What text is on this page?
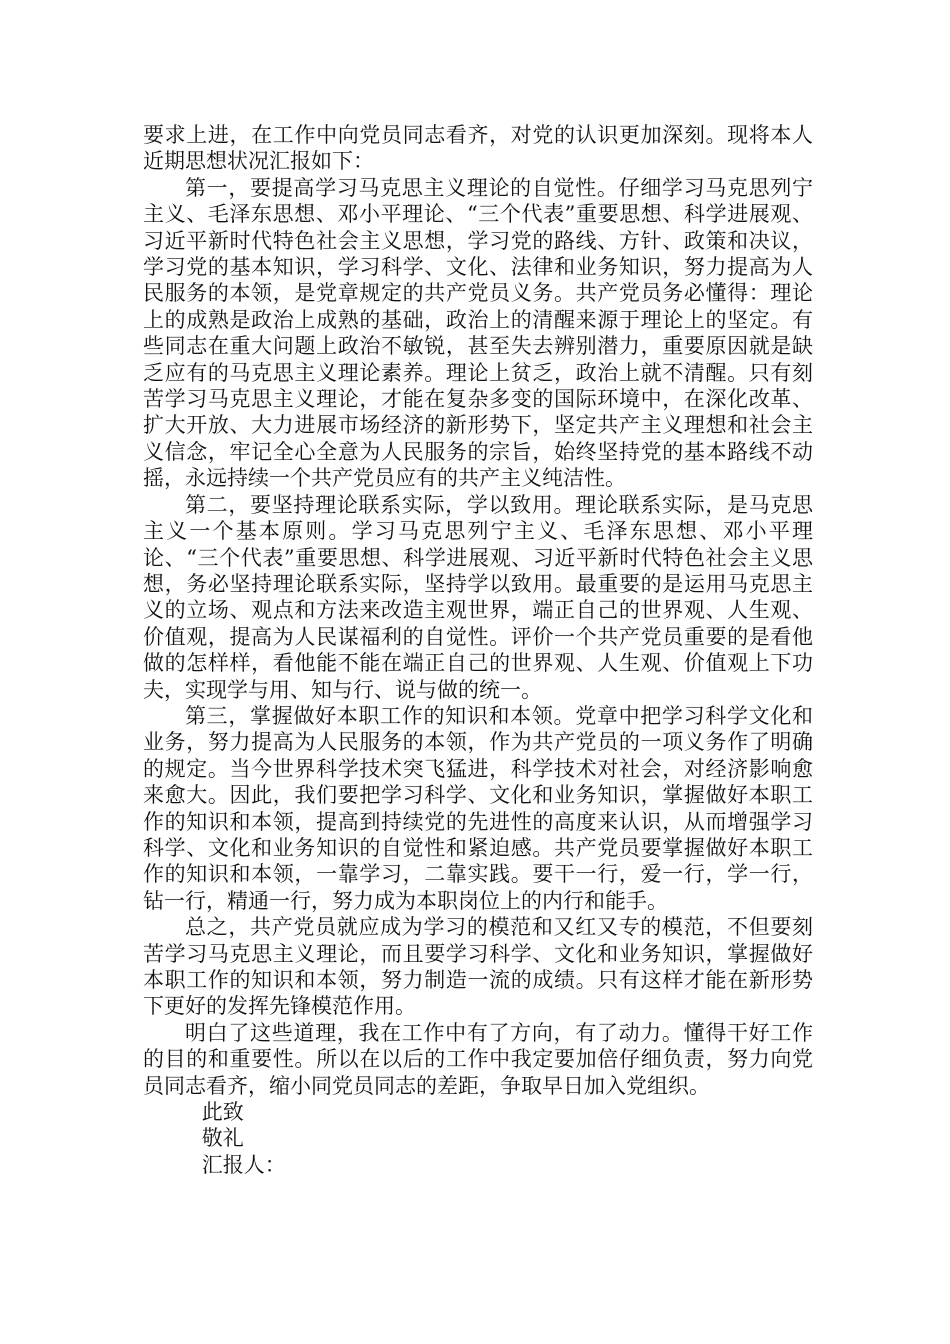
要求上进，在工作中向党员同志看齐，对党的认识更加深刻。现将本人近期思想状况汇报如下：

第一，要提高学习马克思主义理论的自觉性。仔细学习马克思列宁主义、毛泽东思想、邓小平理论、“三个代表”重要思想、科学进展观、习近平新时代特色社会主义思想，学习党的路线、方针、政策和决议，学习党的基本知识，学习科学、文化、法律和业务知识，努力提高为人民服务的本领，是党章规定的共产党员义务。共产党员务必懂得：理论上的成熟是政治上成熟的基础，政治上的清醒来源于理论上的坚定。有些同志在重大问题上政治不敏锐，甚至失去辨别潜力，重要原因就是缺乏应有的马克思主义理论素养。理论上贫乏，政治上就不清醒。只有刻苦学习马克思主义理论，才能在复杂多变的国际环境中，在深化改革、扩大开放、大力进展市场经济的新形势下，坚定共产主义理想和社会主义信念，牢记全心全意为人民服务的宗旨，始终坚持党的基本路线不动摇，永远持续一个共产党员应有的共产主义纯洁性。

第二，要坚持理论联系实际，学以致用。理论联系实际，是马克思主义一个基本原则。学习马克思列宁主义、毛泽东思想、邓小平理论、“三个代表”重要思想、科学进展观、习近平新时代特色社会主义思想，务必坚持理论联系实际，坚持学以致用。最重要的是运用马克思主义的立场、观点和方法来改造主观世界，端正自己的世界观、人生观、价值观，提高为人民谋福利的自觉性。评价一个共产党员重要的是看他做的怎样样，看他能不能在端正自己的世界观、人生观、价值观上下功夫，实现学与用、知与行、说与做的统一。

第三，掌握做好本职工作的知识和本领。党章中把学习科学文化和业务，努力提高为人民服务的本领，作为共产党员的一项义务作了明确的规定。当今世界科学技术突飞猛进，科学技术对社会，对经济影响愈来愈大。因此，我们要把学习科学、文化和业务知识，掌握做好本职工作的知识和本领，提高到持续党的先进性的高度来认识，从而增强学习科学、文化和业务知识的自觉性和紧迫感。共产党员要掌握做好本职工作的知识和本领，一靠学习，二靠实践。要干一行，爱一行，学一行，钻一行，精通一行，努力成为本职岗位上的内行和能手。

总之，共产党员就应成为学习的模范和又红又专的模范，不但要刻苦学习马克思主义理论，而且要学习科学、文化和业务知识，掌握做好本职工作的知识和本领，努力制造一流的成绩。只有这样才能在新形势下更好的发挥先锋模范作用。

明白了这些道理，我在工作中有了方向，有了动力。懂得干好工作的目的和重要性。所以在以后的工作中我定要加倍仔细负责，努力向党员同志看齐，缩小同党员同志的差距，争取早日加入党组织。

此致

敬礼

汇报人：
